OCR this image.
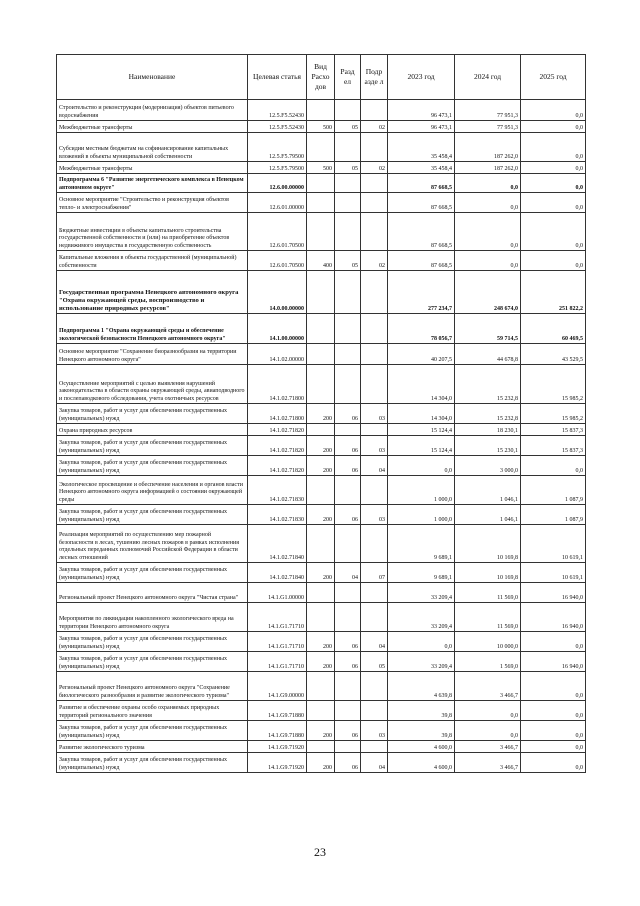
Наименование	Целевая статья	Вид Расхо дов	Разд ел	Подр азде л	2023 год	2024 год	2025 год
Строительство и реконструкция (модернизация) объектов питьевого водоснабжения	12.5.F5.52430				96 473,1	77 951,3	0,0
Межбюджетные трансферты	12.5.F5.52430	500	05	02	96 473,1	77 951,3	0,0
Субсидии местным бюджетам на софинансирование капитальных вложений в объекты муниципальной собственности	12.5.F5.79500				35 458,4	187 262,0	0,0
Межбюджетные трансферты	12.5.F5.79500	500	05	02	35 458,4	187 262,0	0,0
Подпрограмма 6 "Развитие энергетического комплекса в Ненецком автономном округе"	12.6.00.00000				87 668,5	0,0	0,0
Основное мероприятие "Строительство и реконструкция объектов тепло- и электроснабжения"	12.6.01.00000				87 668,5	0,0	0,0
Бюджетные инвестиции в объекты капитального строительства государственной собственности и (или) на приобретение объектов недвижимого имущества в государственную собственность	12.6.01.70500				87 668,5	0,0	0,0
Капитальные вложения в объекты государственной (муниципальной) собственности	12.6.01.70500	400	05	02	87 668,5	0,0	0,0
Государственная программа Ненецкого автономного округа "Охрана окружающей среды, воспроизводство и использование природных ресурсов"	14.0.00.00000				277 234,7	248 674,0	251 822,2
Подпрограмма 1 "Охрана окружающей среды и обеспечение экологической безопасности Ненецкого автономного округа"	14.1.00.00000				78 056,7	59 714,5	60 469,5
Основное мероприятие "Сохранение биоразнообразия на территории Ненецкого автономного округа"	14.1.02.00000				40 207,5	44 678,8	43 529,5
Осуществление мероприятий с целью выявления нарушений законодательства в области охраны окружающей среды, авиаподводного и послепаводкового обследования, учета охотничьих ресурсов	14.1.02.71800				14 304,0	15 232,8	15 985,2
Закупка товаров, работ и услуг для обеспечения государственных (муниципальных) нужд	14.1.02.71800	200	06	03	14 304,0	15 232,8	15 985,2
Охрана природных ресурсов	14.1.02.71820				15 124,4	18 230,1	15 837,3
Закупка товаров, работ и услуг для обеспечения государственных (муниципальных) нужд	14.1.02.71820	200	06	03	15 124,4	15 230,1	15 837,3
Закупка товаров, работ и услуг для обеспечения государственных (муниципальных) нужд	14.1.02.71820	200	06	04	0,0	3 000,0	0,0
Экологическое просвещение и обеспечение населения и органов власти Ненецкого автономного округа информацией о состоянии окружающей среды	14.1.02.71830				1 000,0	1 046,1	1 087,9
Закупка товаров, работ и услуг для обеспечения государственных (муниципальных) нужд	14.1.02.71830	200	06	03	1 000,0	1 046,1	1 087,9
Реализация мероприятий по осуществлению мер пожарной безопасности в лесах, тушению лесных пожаров в рамках исполнения отдельных переданных полномочий Российской Федерации в области лесных отношений	14.1.02.71840				9 689,1	10 169,8	10 619,1
Закупка товаров, работ и услуг для обеспечения государственных (муниципальных) нужд	14.1.02.71840	200	04	07	9 689,1	10 169,8	10 619,1
Региональный проект Ненецкого автономного округа "Чистая страна"	14.1.G1.00000				33 209,4	11 569,0	16 940,0
Мероприятия по ликвидации накопленного экологического вреда на территории Ненецкого автономного округа	14.1.G1.71710				33 209,4	11 569,0	16 940,0
Закупка товаров, работ и услуг для обеспечения государственных (муниципальных) нужд	14.1.G1.71710	200	06	04	0,0	10 000,0	0,0
Закупка товаров, работ и услуг для обеспечения государственных (муниципальных) нужд	14.1.G1.71710	200	06	05	33 209,4	1 569,0	16 940,0
Региональный проект Ненецкого автономного округа "Сохранение биологического разнообразия и развитие экологического туризма"	14.1.G9.00000				4 639,8	3 466,7	0,0
Развитие и обеспечение охраны особо охраняемых природных территорий регионального значения	14.1.G9.71880				39,8	0,0	0,0
Закупка товаров, работ и услуг для обеспечения государственных (муниципальных) нужд	14.1.G9.71880	200	06	03	39,8	0,0	0,0
Развитие экологического туризма	14.1.G9.71920				4 600,0	3 466,7	0,0
Закупка товаров, работ и услуг для обеспечения государственных (муниципальных) нужд	14.1.G9.71920	200	06	04	4 600,0	3 466,7	0,0
23
